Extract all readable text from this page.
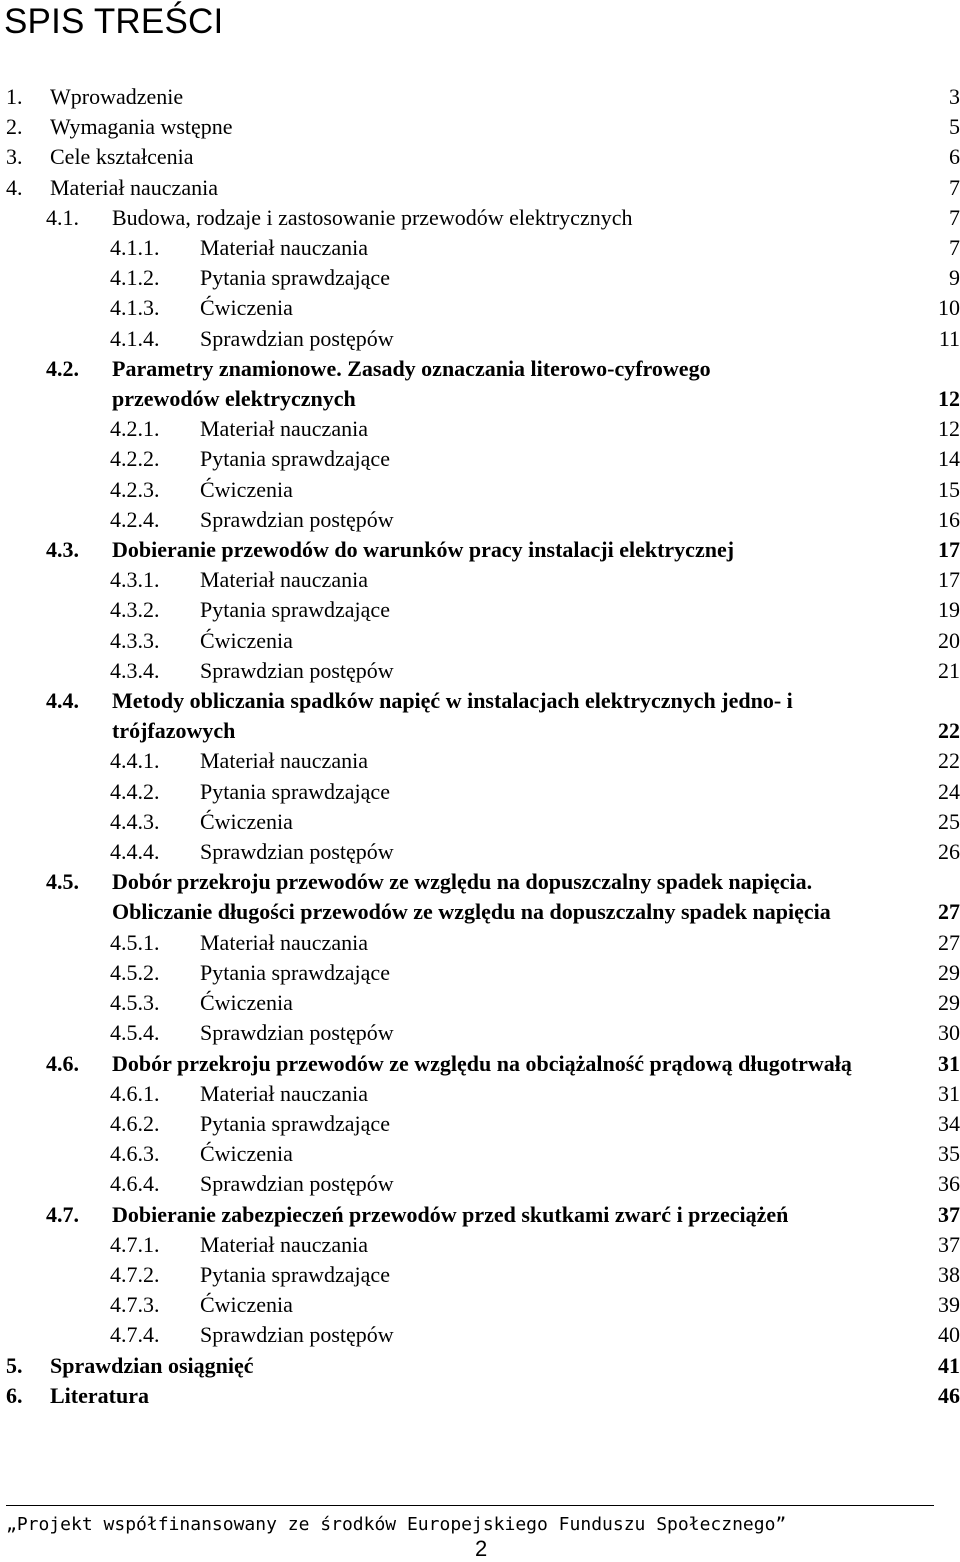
SPIS TREŚCI
1. Wprowadzenie	3
2. Wymagania wstępne	5
3. Cele kształcenia	6
4. Materiał nauczania	7
4.1. Budowa, rodzaje i zastosowanie przewodów elektrycznych	7
4.1.1. Materiał nauczania	7
4.1.2. Pytania sprawdzające	9
4.1.3. Ćwiczenia	10
4.1.4. Sprawdzian postępów	11
4.2. Parametry znamionowe. Zasady oznaczania literowo-cyfrowego przewodów elektrycznych	12
4.2.1. Materiał nauczania	12
4.2.2. Pytania sprawdzające	14
4.2.3. Ćwiczenia	15
4.2.4. Sprawdzian postępów	16
4.3. Dobieranie przewodów do warunków pracy instalacji elektrycznej	17
4.3.1. Materiał nauczania	17
4.3.2. Pytania sprawdzające	19
4.3.3. Ćwiczenia	20
4.3.4. Sprawdzian postępów	21
4.4. Metody obliczania spadków napięć w instalacjach elektrycznych jedno- i trójfazowych	22
4.4.1. Materiał nauczania	22
4.4.2. Pytania sprawdzające	24
4.4.3. Ćwiczenia	25
4.4.4. Sprawdzian postępów	26
4.5. Dobór przekroju przewodów ze względu na dopuszczalny spadek napięcia. Obliczanie długości przewodów ze względu na dopuszczalny spadek napięcia	27
4.5.1. Materiał nauczania	27
4.5.2. Pytania sprawdzające	29
4.5.3. Ćwiczenia	29
4.5.4. Sprawdzian postępów	30
4.6. Dobór przekroju przewodów ze względu na obciążalność prądową długotrwałą	31
4.6.1. Materiał nauczania	31
4.6.2. Pytania sprawdzające	34
4.6.3. Ćwiczenia	35
4.6.4. Sprawdzian postępów	36
4.7. Dobieranie zabezpieczeń przewodów przed skutkami zwarć i przeciążeń	37
4.7.1. Materiał nauczania	37
4.7.2. Pytania sprawdzające	38
4.7.3. Ćwiczenia	39
4.7.4. Sprawdzian postępów	40
5. Sprawdzian osiągnięć	41
6. Literatura	46
„Projekt współfinansowany ze środków Europejskiego Funduszu Społecznego”
2
